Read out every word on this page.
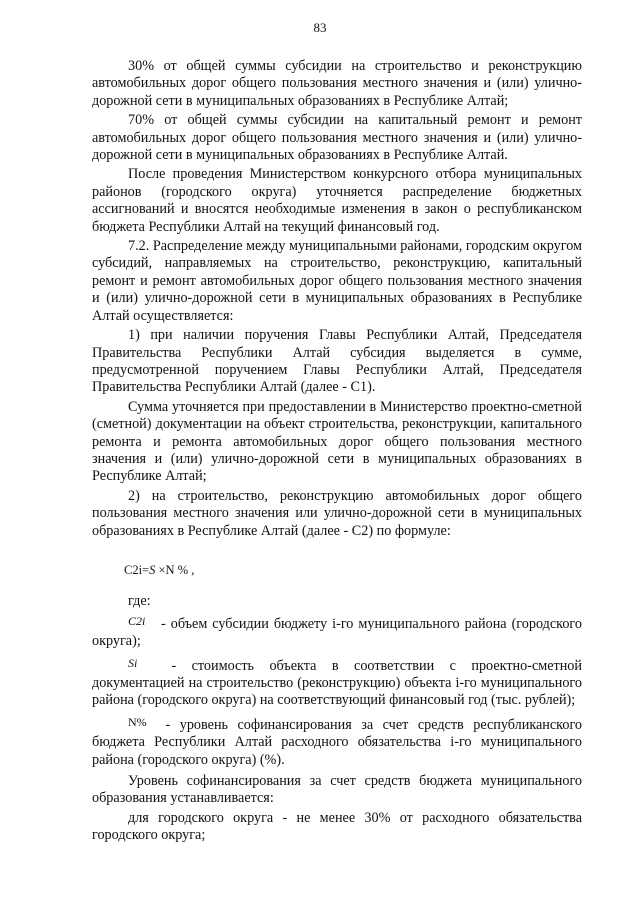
83

30% от общей суммы субсидии на строительство и реконструкцию автомобильных дорог общего пользования местного значения и (или) улично-дорожной сети в муниципальных образованиях в Республике Алтай;

70% от общей суммы субсидии на капитальный ремонт и ремонт автомобильных дорог общего пользования местного значения и (или) улично-дорожной сети в муниципальных образованиях в Республике Алтай.

После проведения Министерством конкурсного отбора муниципальных районов (городского округа) уточняется распределение бюджетных ассигнований и вносятся необходимые изменения в закон о республиканском бюджета Республики Алтай на текущий финансовый год.

7.2. Распределение между муниципальными районами, городским округом субсидий, направляемых на строительство, реконструкцию, капитальный ремонт и ремонт автомобильных дорог общего пользования местного значения и (или) улично-дорожной сети в муниципальных образованиях в Республике Алтай осуществляется:

1) при наличии поручения Главы Республики Алтай, Председателя Правительства Республики Алтай субсидия выделяется в сумме, предусмотренной поручением Главы Республики Алтай, Председателя Правительства Республики Алтай (далее - С1).

Сумма уточняется при предоставлении в Министерство проектно-сметной (сметной) документации на объект строительства, реконструкции, капитального ремонта и ремонта автомобильных дорог общего пользования местного значения и (или) улично-дорожной сети в муниципальных образованиях в Республике Алтай;

2) на строительство, реконструкцию автомобильных дорог общего пользования местного значения или улично-дорожной сети в муниципальных образованиях в Республике Алтай (далее - С2) по формуле:

C2i=S ×N % ,
где:
C2i - объем субсидии бюджету i-го муниципального района (городского округа);
Si - стоимость объекта в соответствии с проектно-сметной документацией на строительство (реконструкцию) объекта i-го муниципального района (городского округа) на соответствующий финансовый год (тыс. рублей);
N% - уровень софинансирования за счет средств республиканского бюджета Республики Алтай расходного обязательства i-го муниципального района (городского округа) (%).

Уровень софинансирования за счет средств бюджета муниципального образования устанавливается:

для городского округа - не менее 30% от расходного обязательства городского округа;
